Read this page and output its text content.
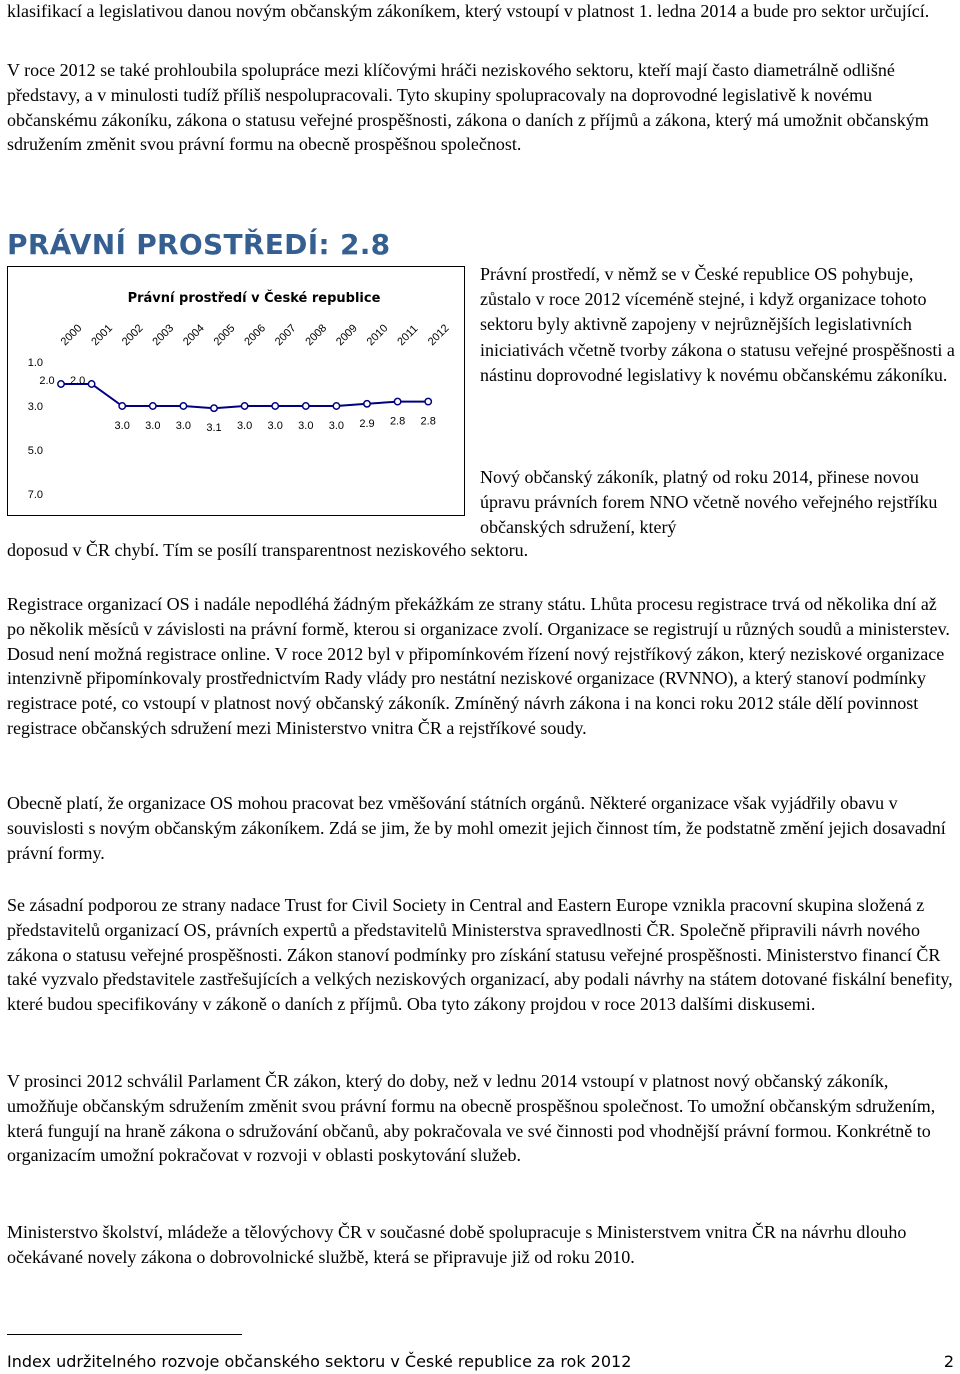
klasifikací a legislativou danou novým občanským zákoníkem, který vstoupí v platnost 1. ledna 2014 a bude pro sektor určující.

V roce 2012 se také prohloubila spolupráce mezi klíčovými hráči neziskového sektoru, kteří mají často diametrálně odlišné představy, a v minulosti tudíž příliš nespolupracovali. Tyto skupiny spolupracovaly na doprovodné legislativě k novému občanskému zákoníku, zákona o statusu veřejné prospěšnosti, zákona o daních z příjmů a zákona, který má umožnit občanským sdružením změnit svou právní formu na obecně prospěšnou společnost.

PRÁVNÍ PROSTŘEDÍ: 2.8
Právní prostředí v České republice
2000 2001 2002 2003 2004 2005 2006 2007 2008 2009 2010 2011 2012
1.0
3.0
5.0
7.0
2.0 2.0
3.0 3.0 3.0 3.1 3.0 3.0 3.0 3.0 2.9 2.8 2.8

Právní prostředí, v němž se v České republice OS pohybuje, zůstalo v roce 2012 víceméně stejné, i když organizace tohoto sektoru byly aktivně zapojeny v nejrůznějších legislativních iniciativách včetně tvorby zákona o statusu veřejné prospěšnosti a nástinu doprovodné legislativy k novému občanskému zákoníku.

Nový občanský zákoník, platný od roku 2014, přinese novou úpravu právních forem NNO včetně nového veřejného rejstříku občanských sdružení, který

doposud v ČR chybí. Tím se posílí transparentnost neziskového sektoru.

Registrace organizací OS i nadále nepodléhá žádným překážkám ze strany státu. Lhůta procesu registrace trvá od několika dní až po několik měsíců v závislosti na právní formě, kterou si organizace zvolí. Organizace se registrují u různých soudů a ministerstev. Dosud není možná registrace online. V roce 2012 byl v připomínkovém řízení nový rejstříkový zákon, který neziskové organizace intenzivně připomínkovaly prostřednictvím Rady vlády pro nestátní neziskové organizace (RVNNO), a který stanoví podmínky registrace poté, co vstoupí v platnost nový občanský zákoník. Zmíněný návrh zákona i na konci roku 2012 stále dělí povinnost registrace občanských sdružení mezi Ministerstvo vnitra ČR a rejstříkové soudy.

Obecně platí, že organizace OS mohou pracovat bez vměšování státních orgánů. Některé organizace však vyjádřily obavu v souvislosti s novým občanským zákoníkem. Zdá se jim, že by mohl omezit jejich činnost tím, že podstatně změní jejich dosavadní právní formy.

Se zásadní podporou ze strany nadace Trust for Civil Society in Central and Eastern Europe vznikla pracovní skupina složená z představitelů organizací OS, právních expertů a představitelů Ministerstva spravedlnosti ČR. Společně připravili návrh nového zákona o statusu veřejné prospěšnosti. Zákon stanoví podmínky pro získání statusu veřejné prospěšnosti. Ministerstvo financí ČR také vyzvalo představitele zastřešujících a velkých neziskových organizací, aby podali návrhy na státem dotované fiskální benefity, které budou specifikovány v zákoně o daních z příjmů. Oba tyto zákony projdou v roce 2013 dalšími diskusemi.

V prosinci 2012 schválil Parlament ČR zákon, který do doby, než v lednu 2014 vstoupí v platnost nový občanský zákoník, umožňuje občanským sdružením změnit svou právní formu na obecně prospěšnou společnost. To umožní občanským sdružením, která fungují na hraně zákona o sdružování občanů, aby pokračovala ve své činnosti pod vhodnější právní formou. Konkrétně to organizacím umožní pokračovat v rozvoji v oblasti poskytování služeb.

Ministerstvo školství, mládeže a tělovýchovy ČR v současné době spolupracuje s Ministerstvem vnitra ČR na návrhu dlouho očekávané novely zákona o dobrovolnické službě, která se připravuje již od roku 2010.

Index udržitelného rozvoje občanského sektoru v České republice za rok 2012	2
